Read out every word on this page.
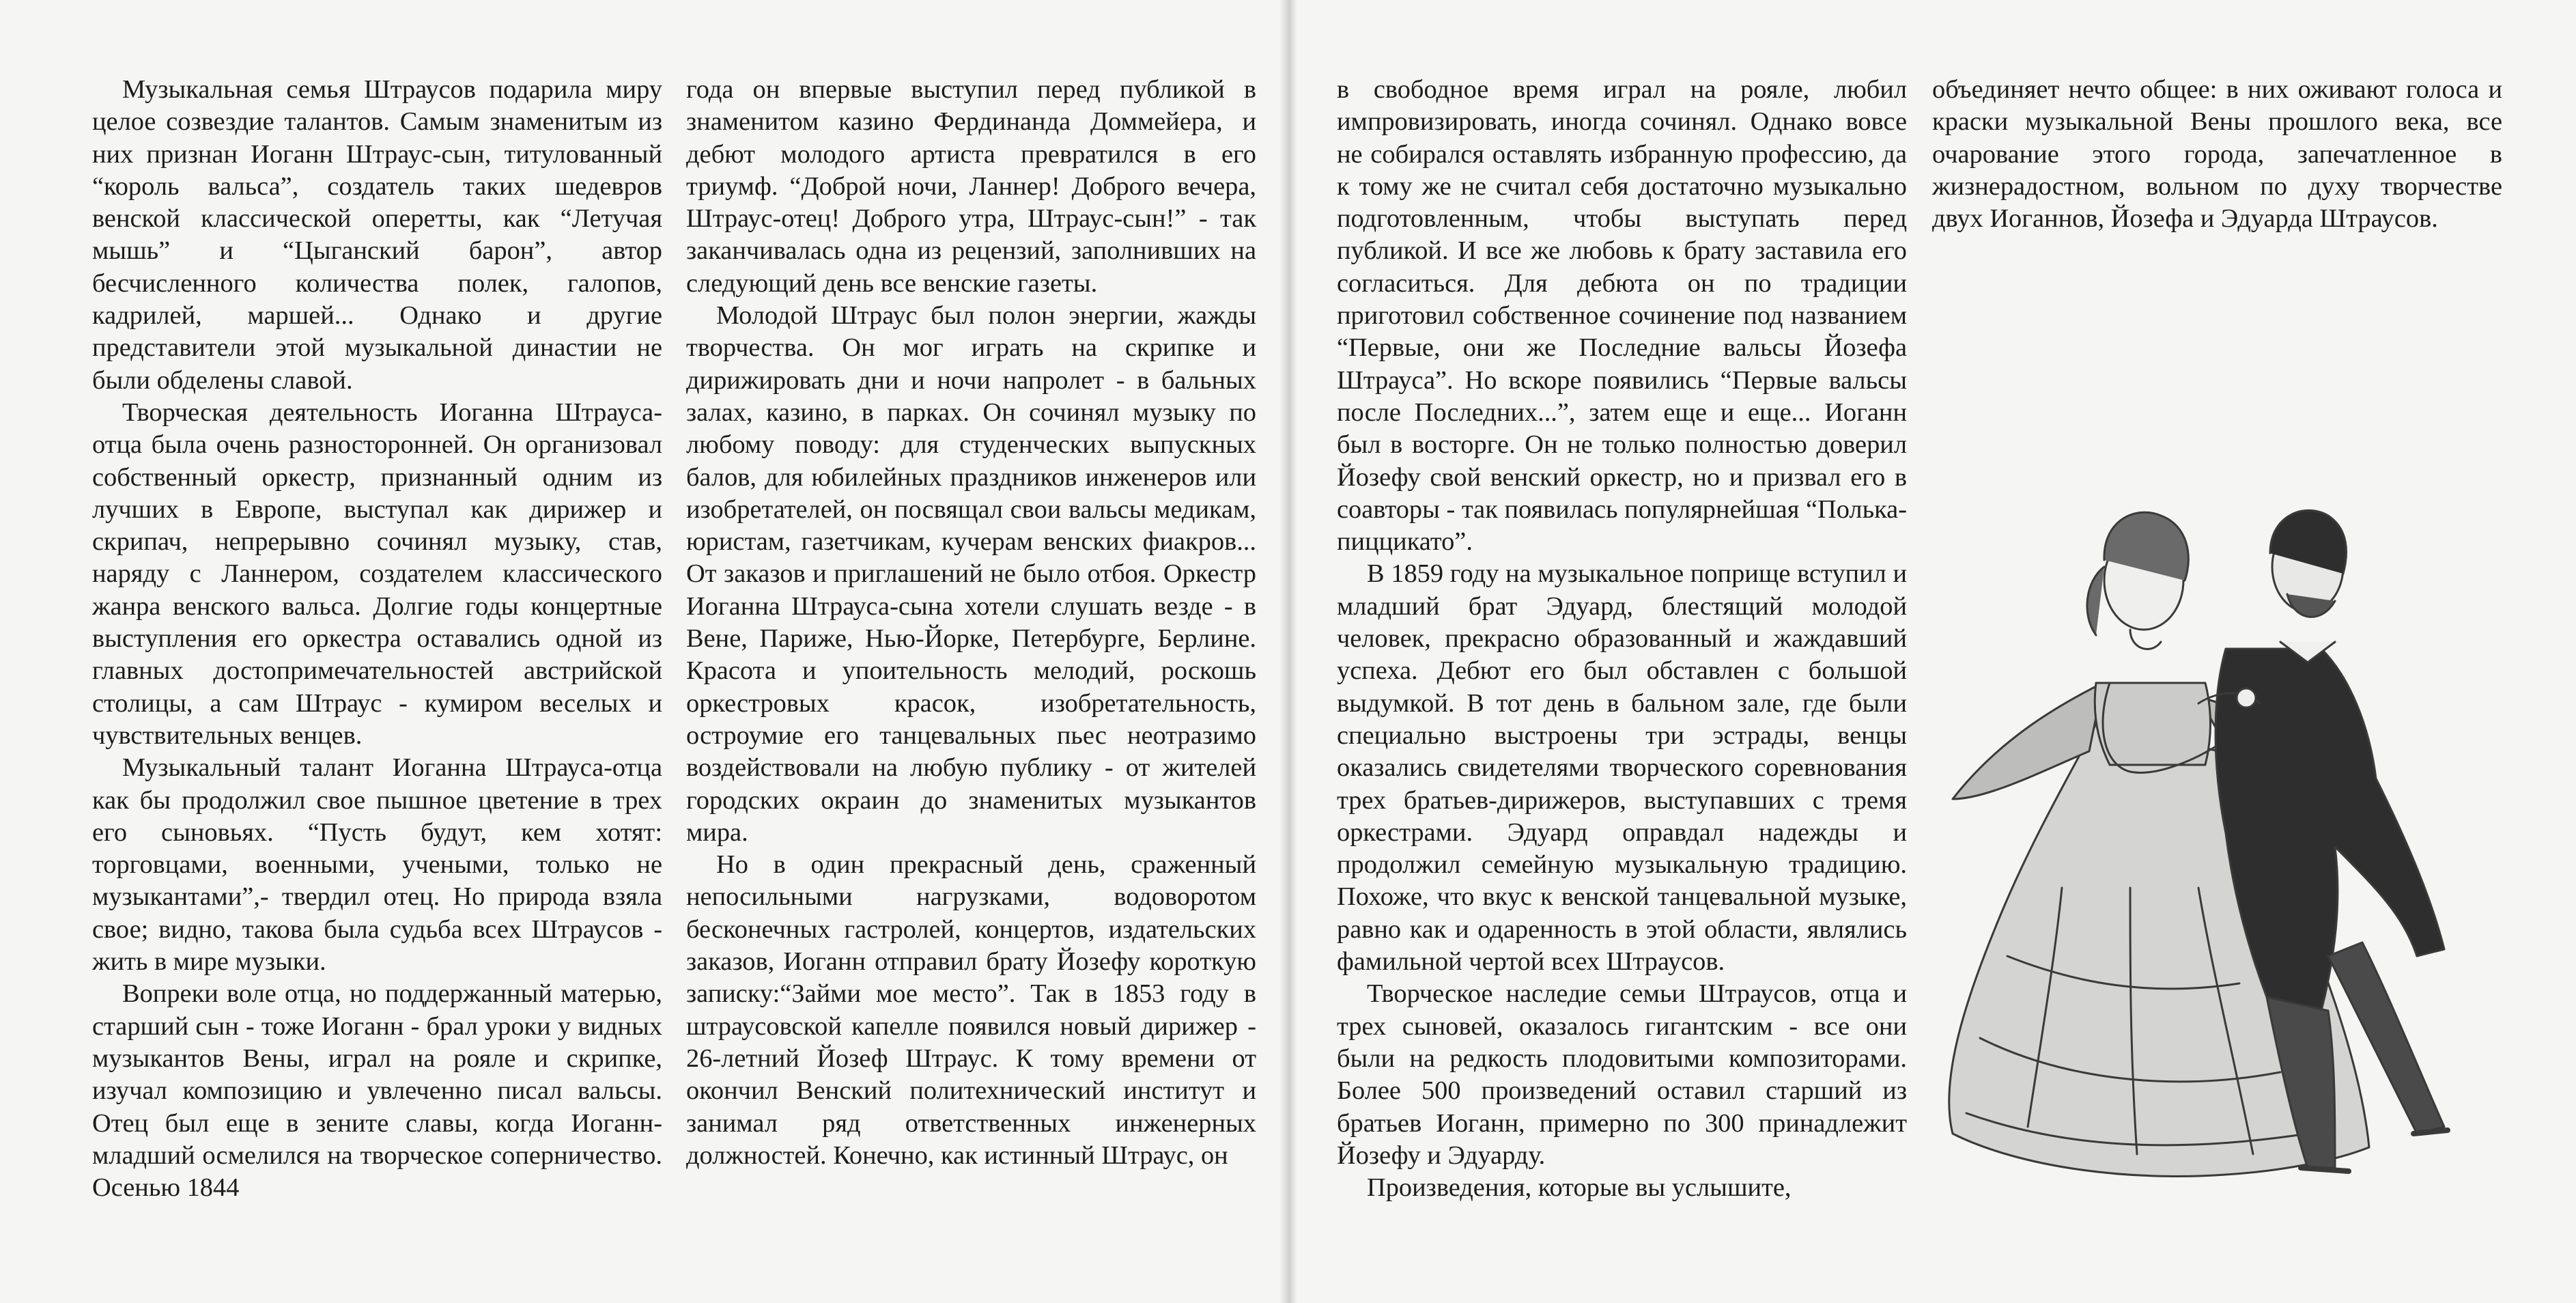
Музыкальная семья Штраусов подарила миру целое созвездие талантов. Самым знаменитым из них признан Иоганн Штраус-сын, титулованный “король вальса”, создатель таких шедевров венской классической оперетты, как “Летучая мышь” и “Цыганский барон”, автор бесчисленного количества полек, галопов, кадрилей, маршей... Однако и другие представители этой музыкальной династии не были обделены славой.

Творческая деятельность Иоганна Штрауса-отца была очень разносторонней. Он организовал собственный оркестр, признанный одним из лучших в Европе, выступал как дирижер и скрипач, непрерывно сочинял музыку, став, наряду с Ланнером, создателем классического жанра венского вальса. Долгие годы концертные выступления его оркестра оставались одной из главных достопримечательностей австрийской столицы, а сам Штраус - кумиром веселых и чувствительных венцев.

Музыкальный талант Иоганна Штрауса-отца как бы продолжил свое пышное цветение в трех его сыновьях. “Пусть будут, кем хотят: торговцами, военными, учеными, только не музыкантами”,- твердил отец. Но природа взяла свое; видно, такова была судьба всех Штраусов - жить в мире музыки.

Вопреки воле отца, но поддержанный матерью, старший сын - тоже Иоганн - брал уроки у видных музыкантов Вены, играл на рояле и скрипке, изучал композицию и увлеченно писал вальсы. Отец был еще в зените славы, когда Иоганн-младший осмелился на творческое соперничество. Осенью 1844

года он впервые выступил перед публикой в знаменитом казино Фердинанда Доммейера, и дебют молодого артиста превратился в его триумф. “Доброй ночи, Ланнер! Доброго вечера, Штраус-отец! Доброго утра, Штраус-сын!” - так заканчивалась одна из рецензий, заполнивших на следующий день все венские газеты.

Молодой Штраус был полон энергии, жажды творчества. Он мог играть на скрипке и дирижировать дни и ночи напролет - в бальных залах, казино, в парках. Он сочинял музыку по любому поводу: для студенческих выпускных балов, для юбилейных праздников инженеров или изобретателей, он посвящал свои вальсы медикам, юристам, газетчикам, кучерам венских фиакров... От заказов и приглашений не было отбоя. Оркестр Иоганна Штрауса-сына хотели слушать везде - в Вене, Париже, Нью-Йорке, Петербурге, Берлине. Красота и упоительность мелодий, роскошь оркестровых красок, изобретательность, остроумие его танцевальных пьес неотразимо воздействовали на любую публику - от жителей городских окраин до знаменитых музыкантов мира.

Но в один прекрасный день, сраженный непосильными нагрузками, водоворотом бесконечных гастролей, концертов, издательских заказов, Иоганн отправил брату Йозефу короткую записку:“Займи мое место”. Так в 1853 году в штраусовской капелле появился новый дирижер - 26-летний Йозеф Штраус. К тому времени от окончил Венский политехнический институт и занимал ряд ответственных инженерных должностей. Конечно, как истинный Штраус, он

в свободное время играл на рояле, любил импровизировать, иногда сочинял. Однако вовсе не собирался оставлять избранную профессию, да к тому же не считал себя достаточно музыкально подготовленным, чтобы выступать перед публикой. И все же любовь к брату заставила его согласиться. Для дебюта он по традиции приготовил собственное сочинение под названием “Первые, они же Последние вальсы Йозефа Штрауса”. Но вскоре появились “Первые вальсы после Последних...”, затем еще и еще... Иоганн был в восторге. Он не только полностью доверил Йозефу свой венский оркестр, но и призвал его в соавторы - так появилась популярнейшая “Полька-пиццикато”.

В 1859 году на музыкальное поприще вступил и младший брат Эдуард, блестящий молодой человек, прекрасно образованный и жаждавший успеха. Дебют его был обставлен с большой выдумкой. В тот день в бальном зале, где были специально выстроены три эстрады, венцы оказались свидетелями творческого соревнования трех братьев-дирижеров, выступавших с тремя оркестрами. Эдуард оправдал надежды и продолжил семейную музыкальную традицию. Похоже, что вкус к венской танцевальной музыке, равно как и одаренность в этой области, являлись фамильной чертой всех Штраусов.

Творческое наследие семьи Штраусов, отца и трех сыновей, оказалось гигантским - все они были на редкость плодовитыми композиторами. Более 500 произведений оставил старший из братьев Иоганн, примерно по 300 принадлежит Йозефу и Эдуарду.

Произведения, которые вы услышите,

объединяет нечто общее: в них оживают голоса и краски музыкальной Вены прошлого века, все очарование этого города, запечатленное в жизнерадостном, вольном по духу творчестве двух Иоганнов, Йозефа и Эдуарда Штраусов.
